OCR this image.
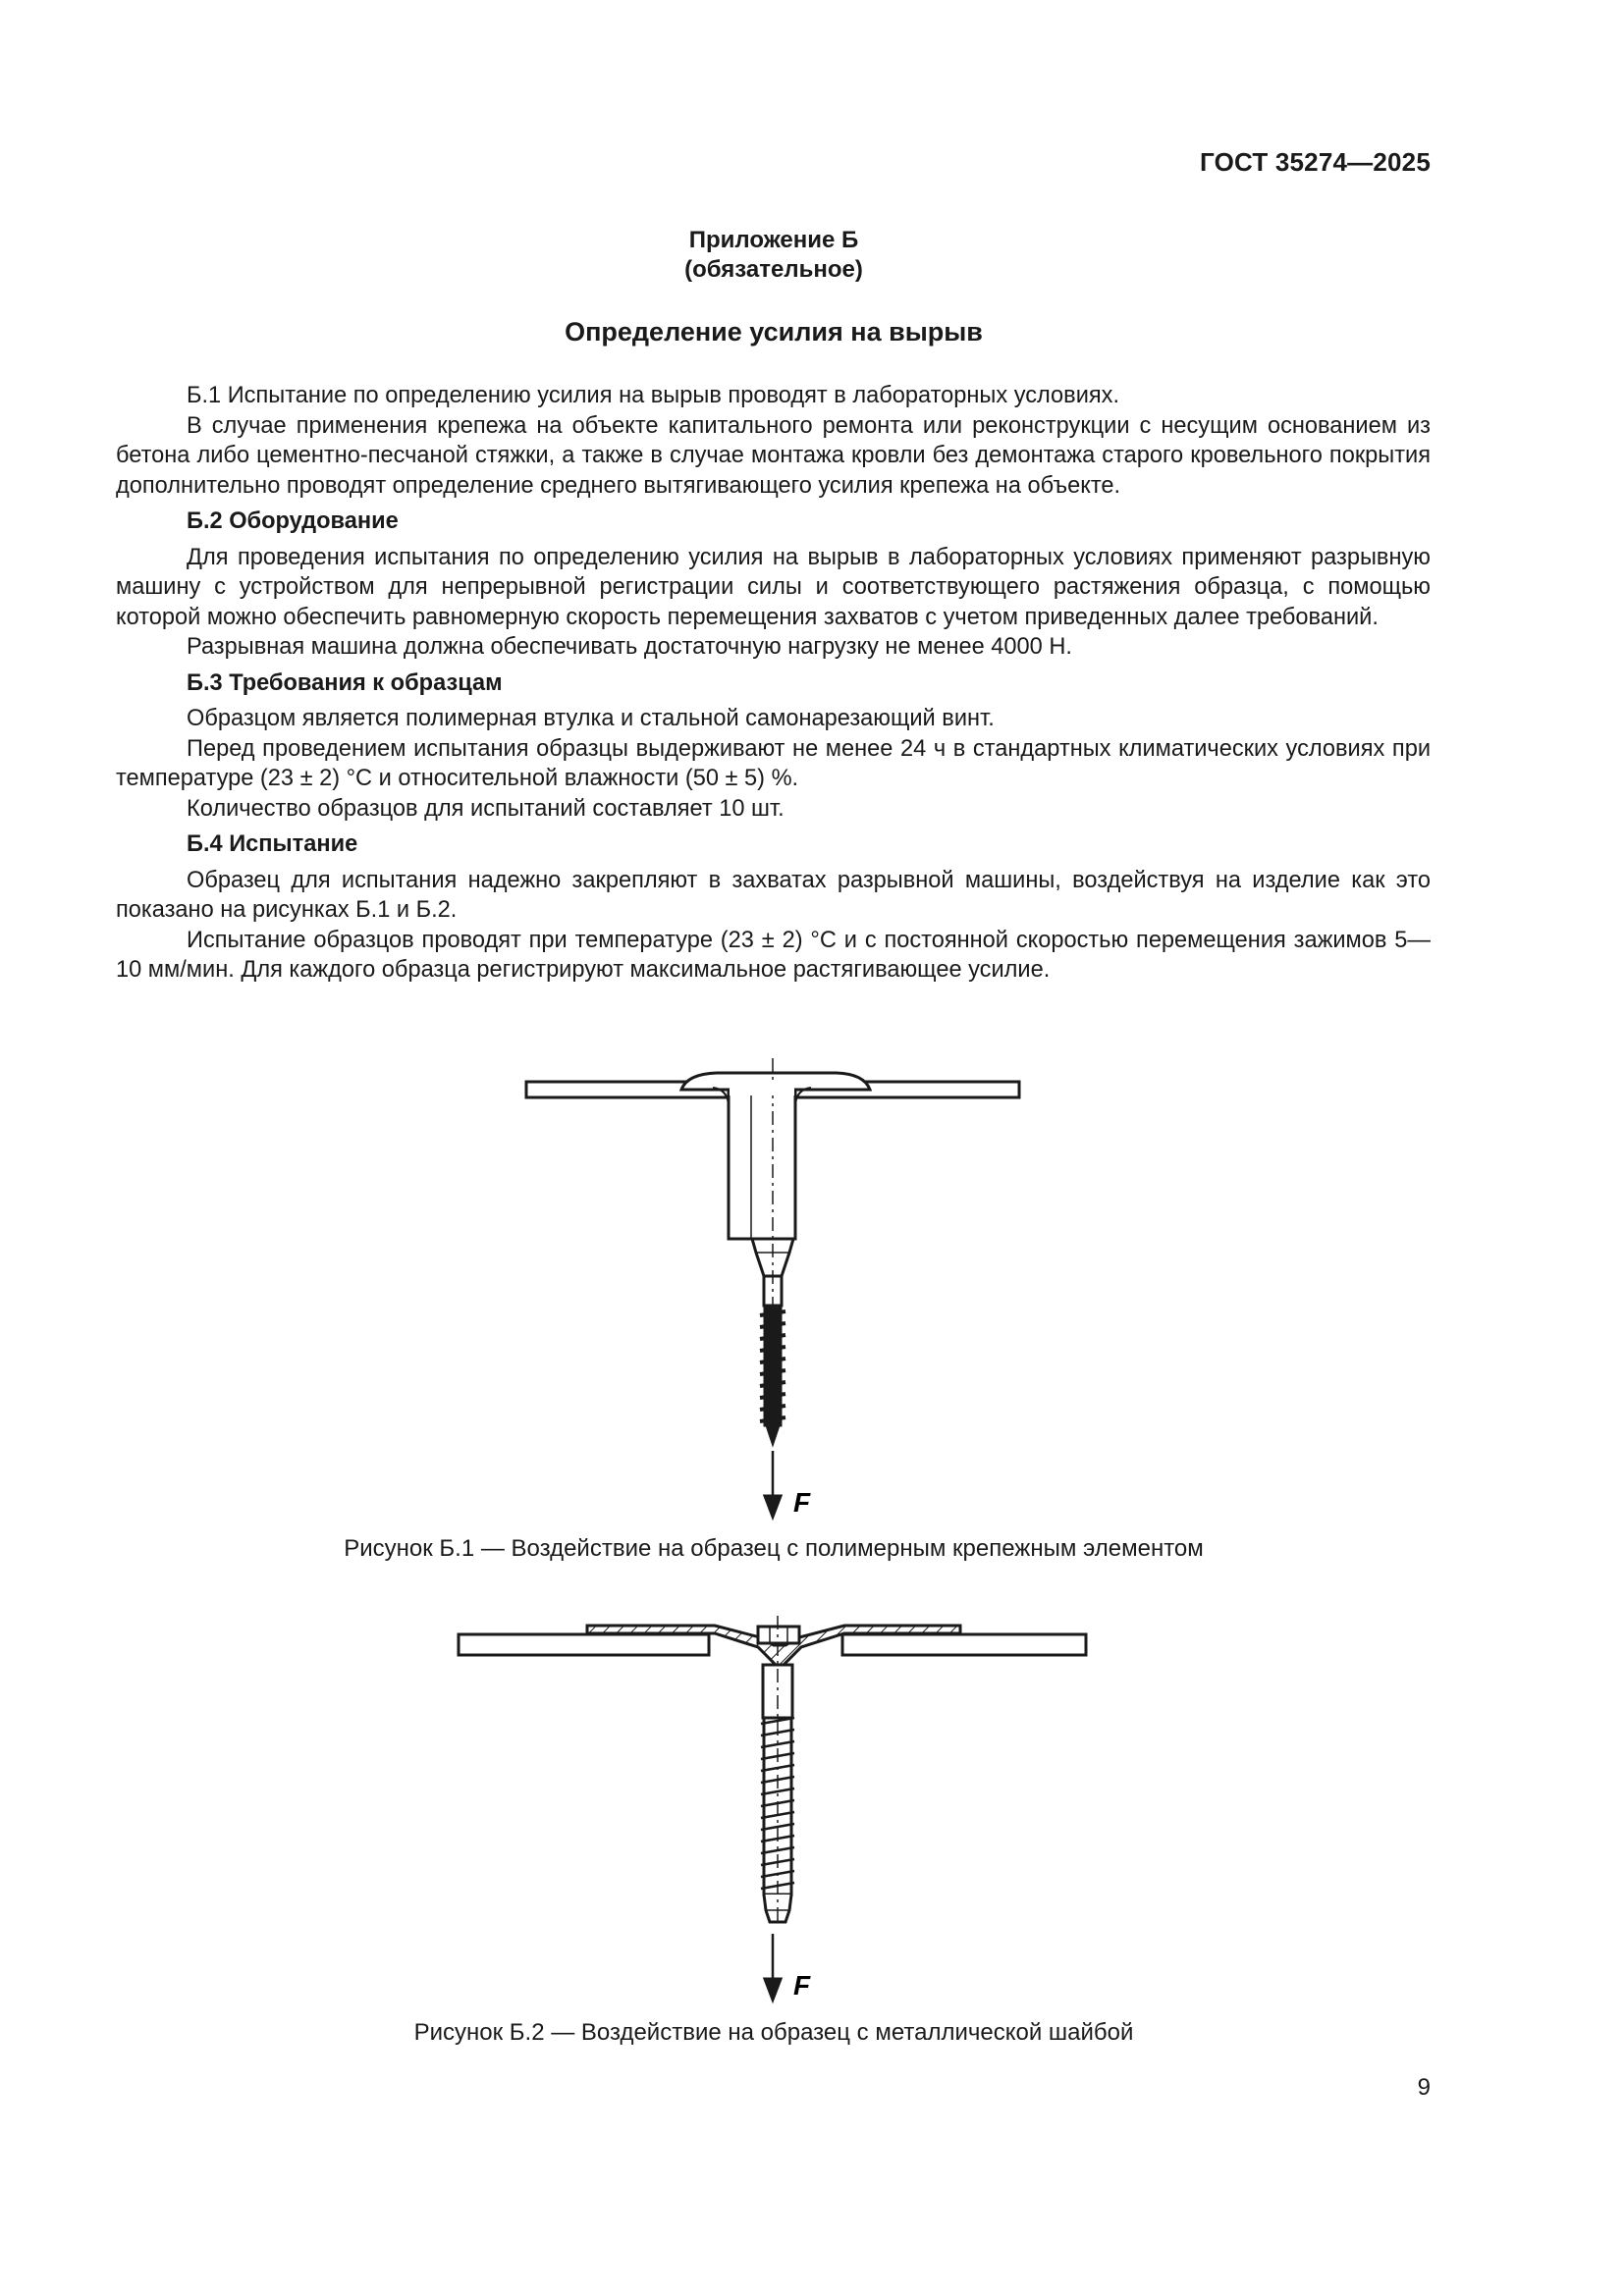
ГОСТ 35274—2025
Приложение Б
(обязательное)
Определение усилия на вырыв

Б.1 Испытание по определению усилия на вырыв проводят в лабораторных условиях.

В случае применения крепежа на объекте капитального ремонта или реконструкции с несущим основанием из бетона либо цементно-песчаной стяжки, а также в случае монтажа кровли без демонтажа старого кровельного покрытия дополнительно проводят определение среднего вытягивающего усилия крепежа на объекте.

Б.2 Оборудование

Для проведения испытания по определению усилия на вырыв в лабораторных условиях применяют разрывную машину с устройством для непрерывной регистрации силы и соответствующего растяжения образца, с помощью которой можно обеспечить равномерную скорость перемещения захватов с учетом приведенных далее требований.

Разрывная машина должна обеспечивать достаточную нагрузку не менее 4000 Н.

Б.3 Требования к образцам

Образцом является полимерная втулка и стальной самонарезающий винт.

Перед проведением испытания образцы выдерживают не менее 24 ч в стандартных климатических условиях при температуре (23 ± 2) °С и относительной влажности (50 ± 5) %.

Количество образцов для испытаний составляет 10 шт.

Б.4 Испытание

Образец для испытания надежно закрепляют в захватах разрывной машины, воздействуя на изделие как это показано на рисунках Б.1 и Б.2.

Испытание образцов проводят при температуре (23 ± 2) °С и с постоянной скоростью перемещения зажимов 5—10 мм/мин. Для каждого образца регистрируют максимальное растягивающее усилие.

F
F
Рисунок Б.1 — Воздействие на образец с полимерным крепежным элементом
Рисунок Б.2 — Воздействие на образец с металлической шайбой
9
